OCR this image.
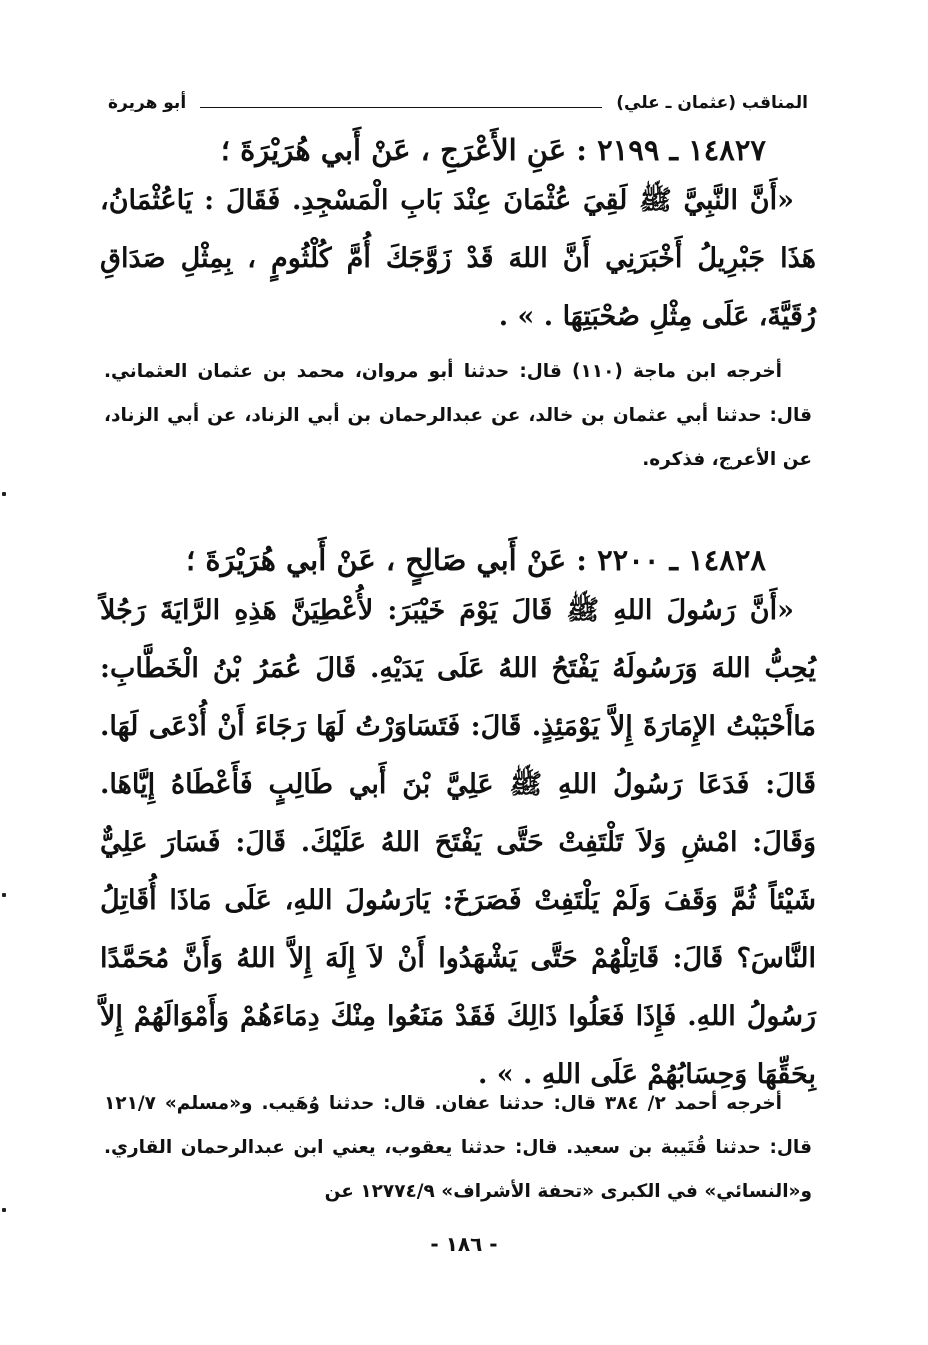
المناقب (عثمان ـ علي)
أبو هريرة

١٤٨٢٧ ـ ٢١٩٩ : عَنِ الأَعْرَجِ ، عَنْ أَبي هُرَيْرَةَ ؛

«أَنَّ النَّبِيَّ ﷺ لَقِيَ عُثْمَانَ عِنْدَ بَابِ الْمَسْجِدِ. فَقَالَ : يَاعُثْمَانُ، هَذَا جَبْرِيلُ أَخْبَرَنِي أَنَّ اللهَ قَدْ زَوَّجَكَ أُمَّ كُلْثُومٍ ، بِمِثْلِ صَدَاقِ رُقَيَّةَ، عَلَى مِثْلِ صُحْبَتِهَا . » .

أخرجه ابن ماجة (١١٠) قال: حدثنا أبو مروان، محمد بن عثمان العثماني. قال: حدثنا أبي عثمان بن خالد، عن عبدالرحمان بن أبي الزناد، عن أبي الزناد، عن الأعرج، فذكره.

١٤٨٢٨ ـ ٢٢٠٠ : عَنْ أَبي صَالِحٍ ، عَنْ أَبي هُرَيْرَةَ ؛

«أَنَّ رَسُولَ اللهِ ﷺ قَالَ يَوْمَ خَيْبَرَ: لأُعْطِيَنَّ هَذِهِ الرَّايَةَ رَجُلاً يُحِبُّ اللهَ وَرَسُولَهُ يَفْتَحُ اللهُ عَلَى يَدَيْهِ. قَالَ عُمَرُ بْنُ الْخَطَّابِ: مَاأَحْبَبْتُ الإِمَارَةَ إِلاَّ يَوْمَئِذٍ. قَالَ: فَتَسَاوَرْتُ لَهَا رَجَاءَ أَنْ أُدْعَى لَهَا. قَالَ: فَدَعَا رَسُولُ اللهِ ﷺ عَلِيَّ بْنَ أَبي طَالِبٍ فَأَعْطَاهُ إِيَّاهَا. وَقَالَ: امْشِ وَلاَ تَلْتَفِتْ حَتَّى يَفْتَحَ اللهُ عَلَيْكَ. قَالَ: فَسَارَ عَلِيٌّ شَيْئاً ثُمَّ وَقَفَ وَلَمْ يَلْتَفِتْ فَصَرَخَ: يَارَسُولَ اللهِ، عَلَى مَاذَا أُقَاتِلُ النَّاسَ؟ قَالَ: قَاتِلْهُمْ حَتَّى يَشْهَدُوا أَنْ لاَ إِلَهَ إِلاَّ اللهُ وَأَنَّ مُحَمَّدًا رَسُولُ اللهِ. فَإِذَا فَعَلُوا ذَالِكَ فَقَدْ مَنَعُوا مِنْكَ دِمَاءَهُمْ وَأَمْوَالَهُمْ إِلاَّ بِحَقِّهَا وَحِسَابُهُمْ عَلَى اللهِ . » .

أخرجه أحمد ٢/ ٣٨٤ قال: حدثنا عفان. قال: حدثنا وُهَيب. و«مسلم» ١٢١/٧ قال: حدثنا قُتَيبة بن سعيد. قال: حدثنا يعقوب، يعني ابن عبدالرحمان القاري. و«النسائي» في الكبرى «تحفة الأشراف» ١٢٧٧٤/٩ عن

- ١٨٦ -
